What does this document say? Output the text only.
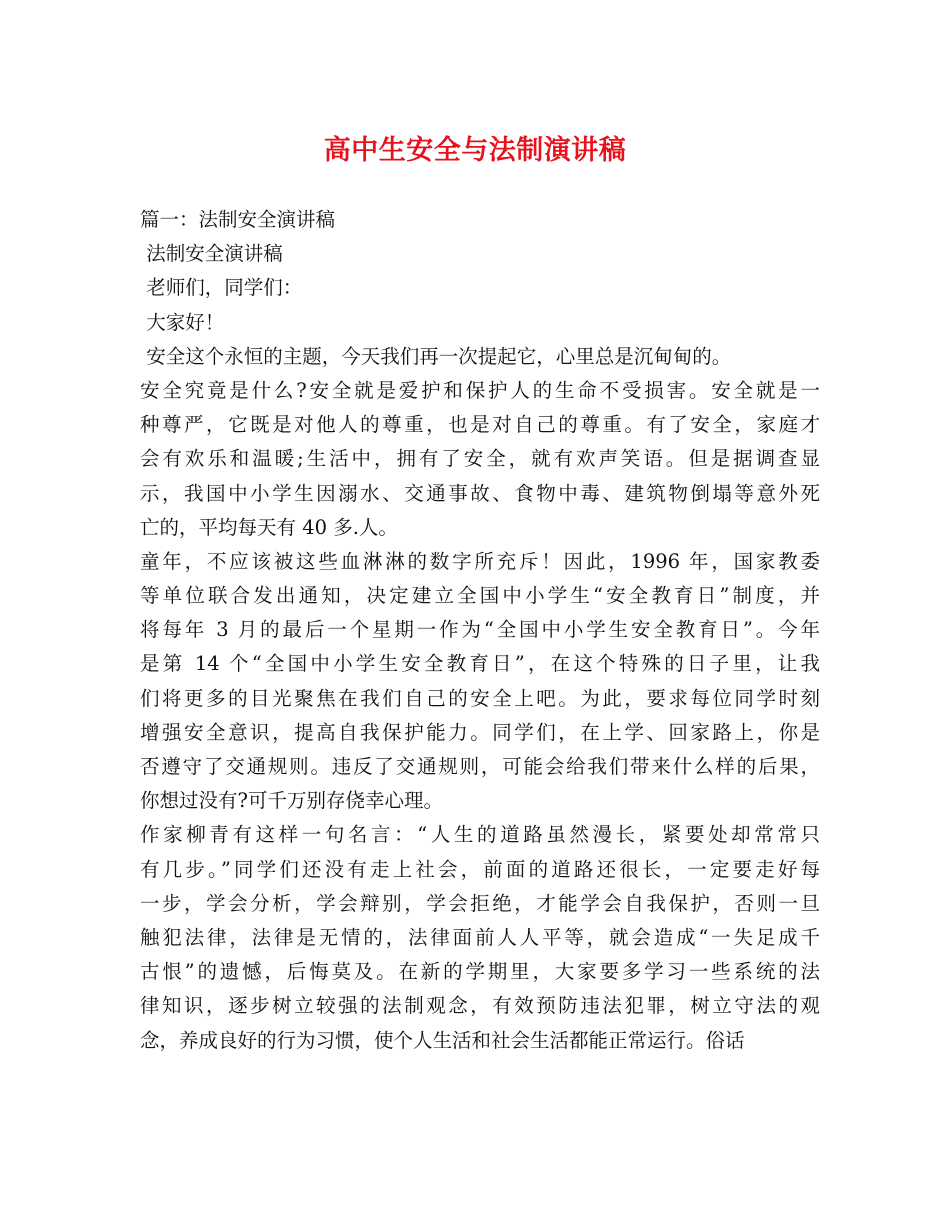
高中生安全与法制演讲稿
篇一：法制安全演讲稿
法制安全演讲稿
老师们，同学们：
大家好！
安全这个永恒的主题，今天我们再一次提起它，心里总是沉甸甸的。
安全究竟是什么?安全就是爱护和保护人的生命不受损害。安全就是一
种尊严，它既是对他人的尊重，也是对自己的尊重。有了安全，家庭才
会有欢乐和温暖;生活中，拥有了安全，就有欢声笑语。但是据调查显
示，我国中小学生因溺水、交通事故、食物中毒、建筑物倒塌等意外死
亡的，平均每天有 40 多.人。
童年，不应该被这些血淋淋的数字所充斥！因此，1996 年，国家教委
等单位联合发出通知，决定建立全国中小学生“安全教育日”制度，并
将每年 3 月的最后一个星期一作为“全国中小学生安全教育日”。今年
是第 14 个“全国中小学生安全教育日”，在这个特殊的日子里，让我
们将更多的目光聚焦在我们自己的安全上吧。为此，要求每位同学时刻
增强安全意识，提高自我保护能力。同学们，在上学、回家路上，你是
否遵守了交通规则。违反了交通规则，可能会给我们带来什么样的后果，
你想过没有?可千万别存侥幸心理。
作家柳青有这样一句名言：“人生的道路虽然漫长，紧要处却常常只
有几步。”同学们还没有走上社会，前面的道路还很长，一定要走好每
一步，学会分析，学会辩别，学会拒绝，才能学会自我保护，否则一旦
触犯法律，法律是无情的，法律面前人人平等，就会造成“一失足成千
古恨”的遗憾，后悔莫及。在新的学期里，大家要多学习一些系统的法
律知识，逐步树立较强的法制观念，有效预防违法犯罪，树立守法的观
念，养成良好的行为习惯，使个人生活和社会生活都能正常运行。俗话
